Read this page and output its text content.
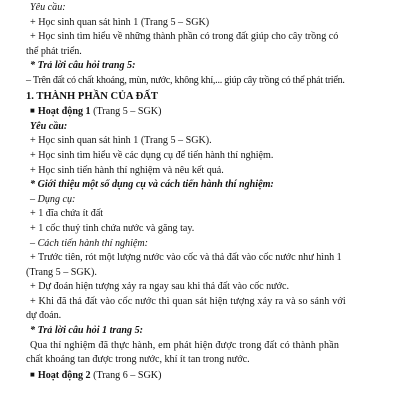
Yêu cầu:
+ Học sinh quan sát hình 1 (Trang 5 – SGK)
+ Học sinh tìm hiểu về những thành phần có trong đất giúp cho cây trồng có
thể phát triển.
* Trả lời câu hỏi trang 5:
– Trên đất có chất khoáng, mùn, nước, không khí,... giúp cây trồng có thể phát triển.
1. THÀNH PHẦN CỦA ĐẤT
■ Hoạt động 1 (Trang 5 – SGK)
Yêu cầu:
+ Học sinh quan sát hình 1 (Trang 5 – SGK).
+ Học sinh tìm hiểu về các dụng cụ để tiến hành thí nghiệm.
+ Học sinh tiến hành thí nghiệm và nêu kết quả.
* Giới thiệu một số dụng cụ và cách tiến hành thí nghiệm:
– Dụng cụ:
+ 1 đĩa chứa ít đất
+ 1 cốc thuỷ tinh chứa nước và găng tay.
– Cách tiến hành thí nghiệm:
+ Trước tiên, rót một lượng nước vào cốc và thả đất vào cốc nước như hình 1
(Trang 5 – SGK).
+ Dự đoán hiện tượng xảy ra ngay sau khi thả đất vào cốc nước.
+ Khi đã thả đất vào cốc nước thì quan sát hiện tượng xảy ra và so sánh với
dự đoán.
* Trả lời câu hỏi 1 trang 5:
Qua thí nghiệm đã thực hành, em phát hiện được trong đất có thành phần
chất khoáng tan được trong nước, khí ít tan trong nước.
■ Hoạt động 2 (Trang 6 – SGK)
